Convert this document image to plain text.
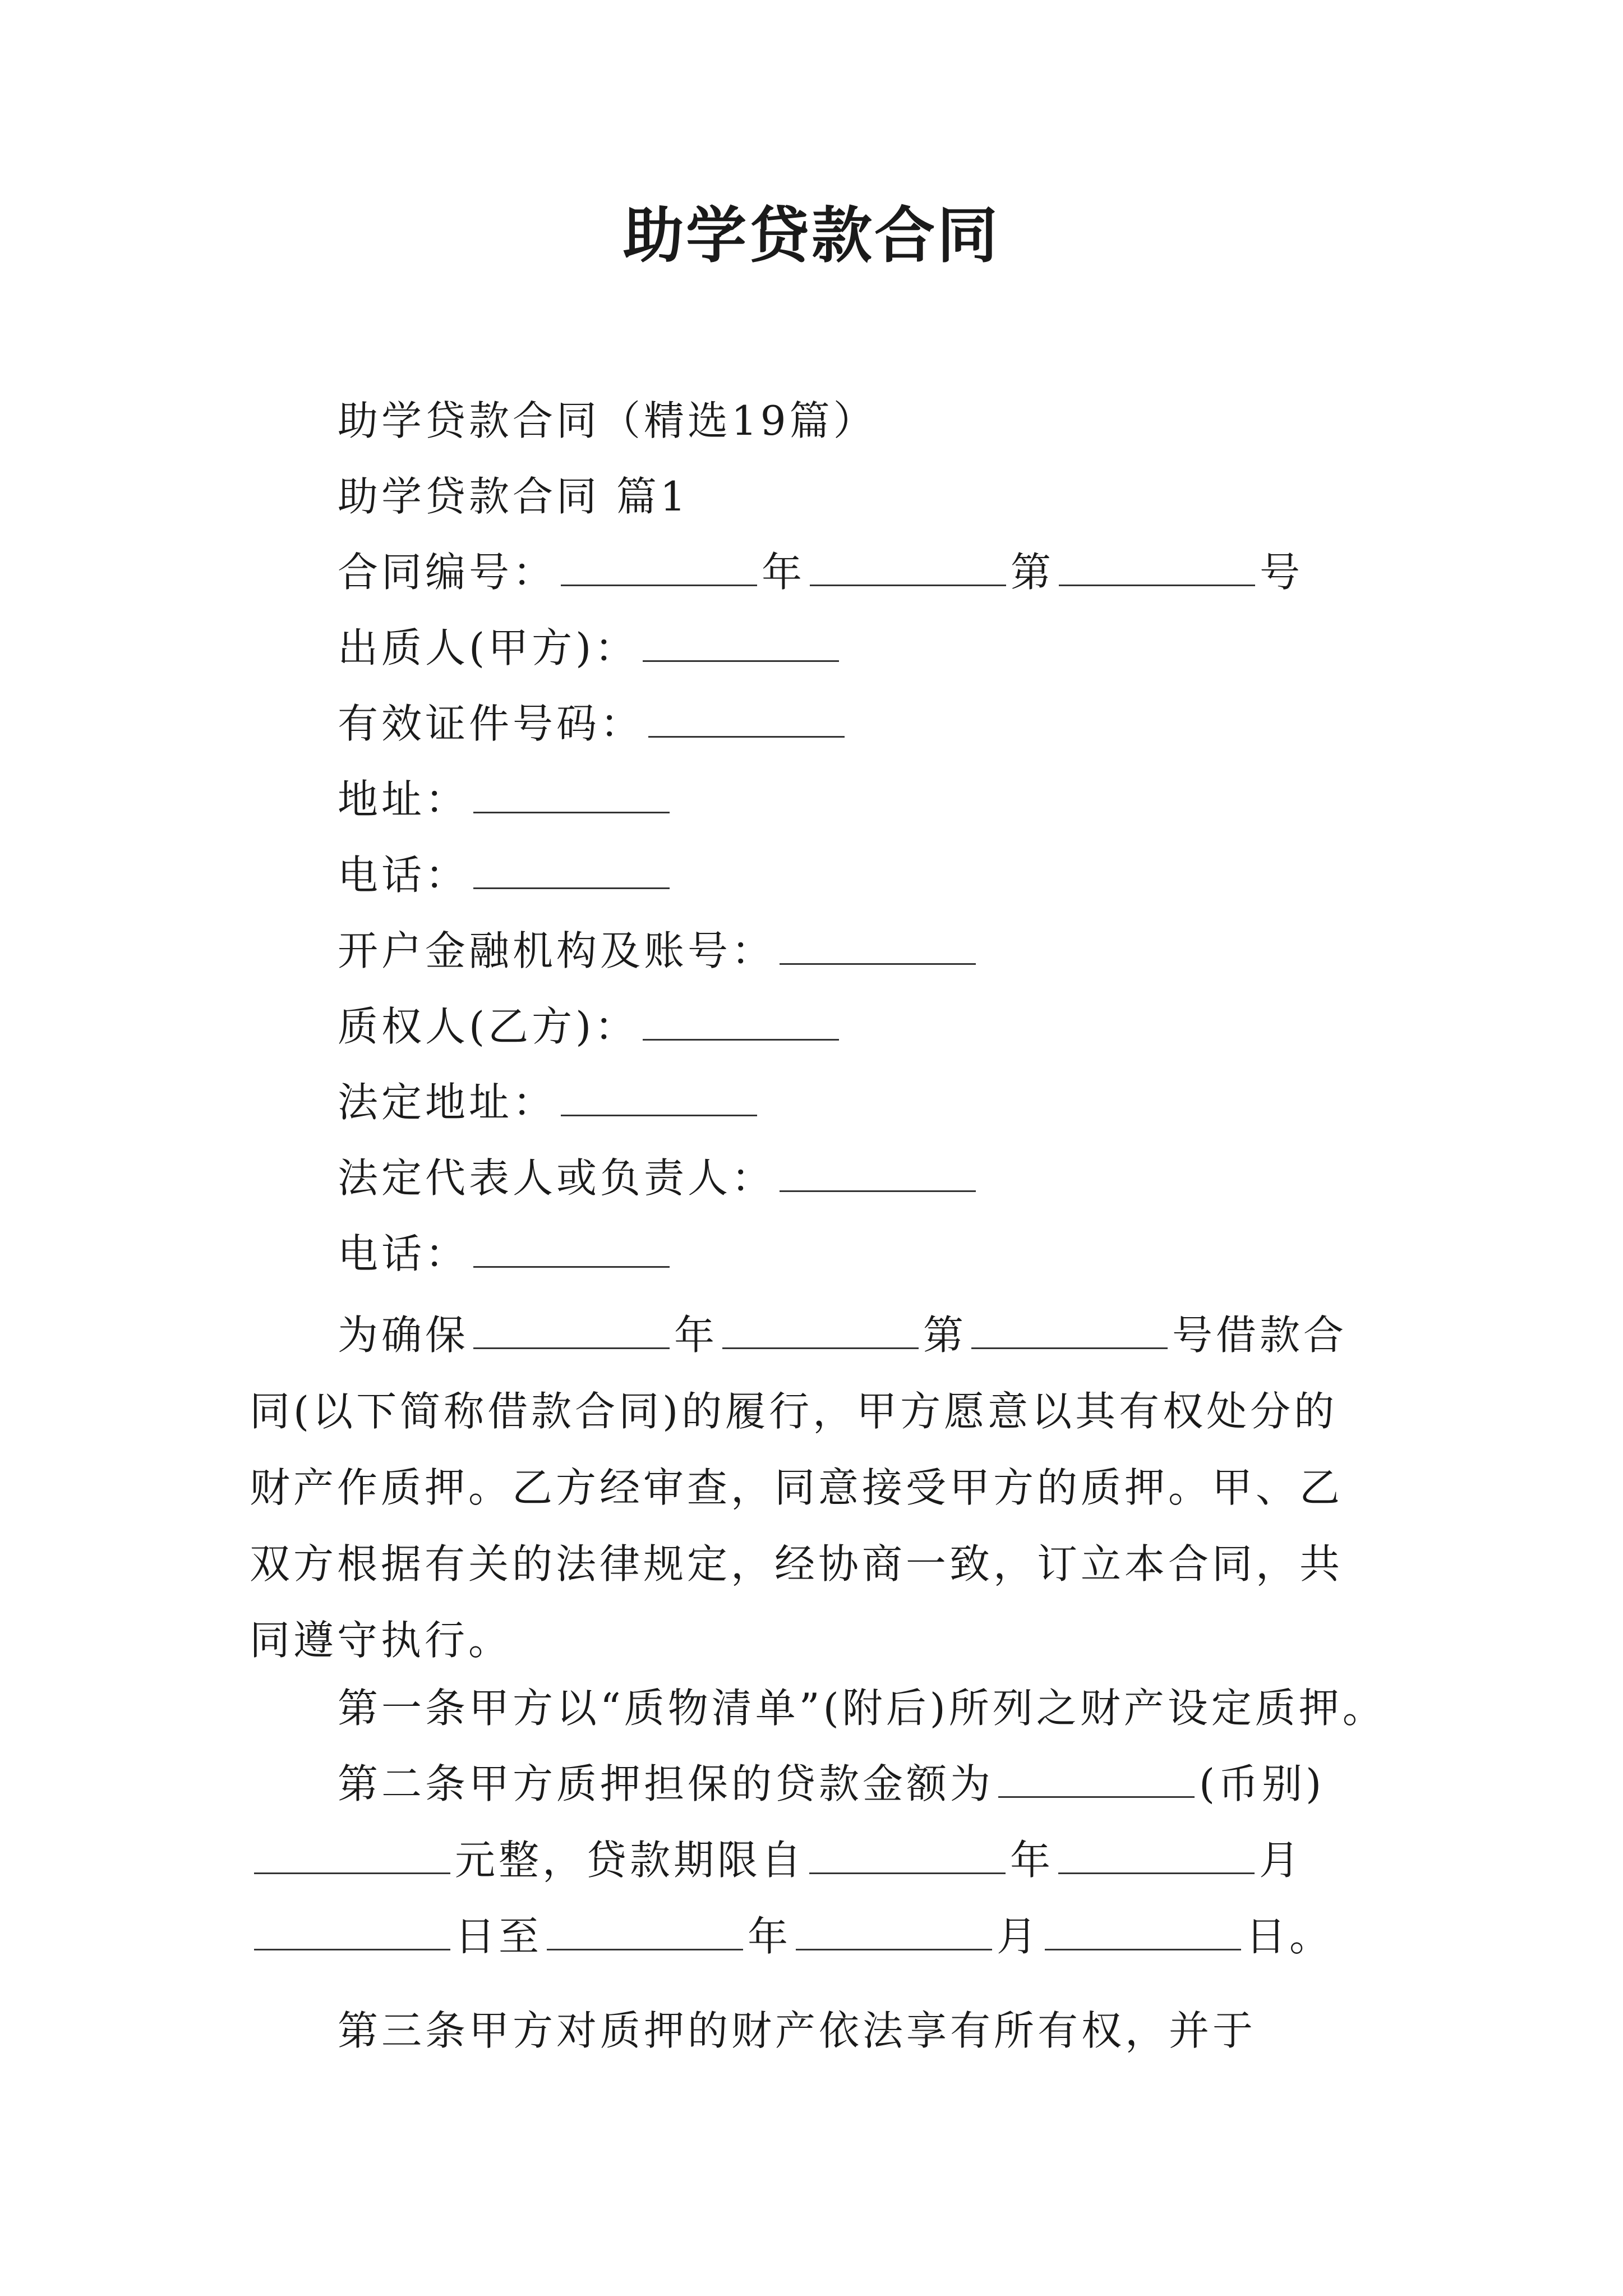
助学贷款合同
助学贷款合同（精选19篇）
助学贷款合同 篇1
合同编号：	年	第	号
出质人(甲方)：
有效证件号码：
地址：
电话：
开户金融机构及账号：
质权人(乙方)：
法定地址：
法定代表人或负责人：
电话：
为确保	年	第	号借款合同(以下简称借款合同)的履行，甲方愿意以其有权处分的财产作质押。乙方经审查，同意接受甲方的质押。甲、乙双方根据有关的法律规定，经协商一致，订立本合同，共同遵守执行。
第一条甲方以“质物清单”(附后)所列之财产设定质押。
第二条甲方质押担保的贷款金额为	(币别)元整，贷款期限自	年	月日至	年	月	日。
第三条甲方对质押的财产依法享有所有权，并于
